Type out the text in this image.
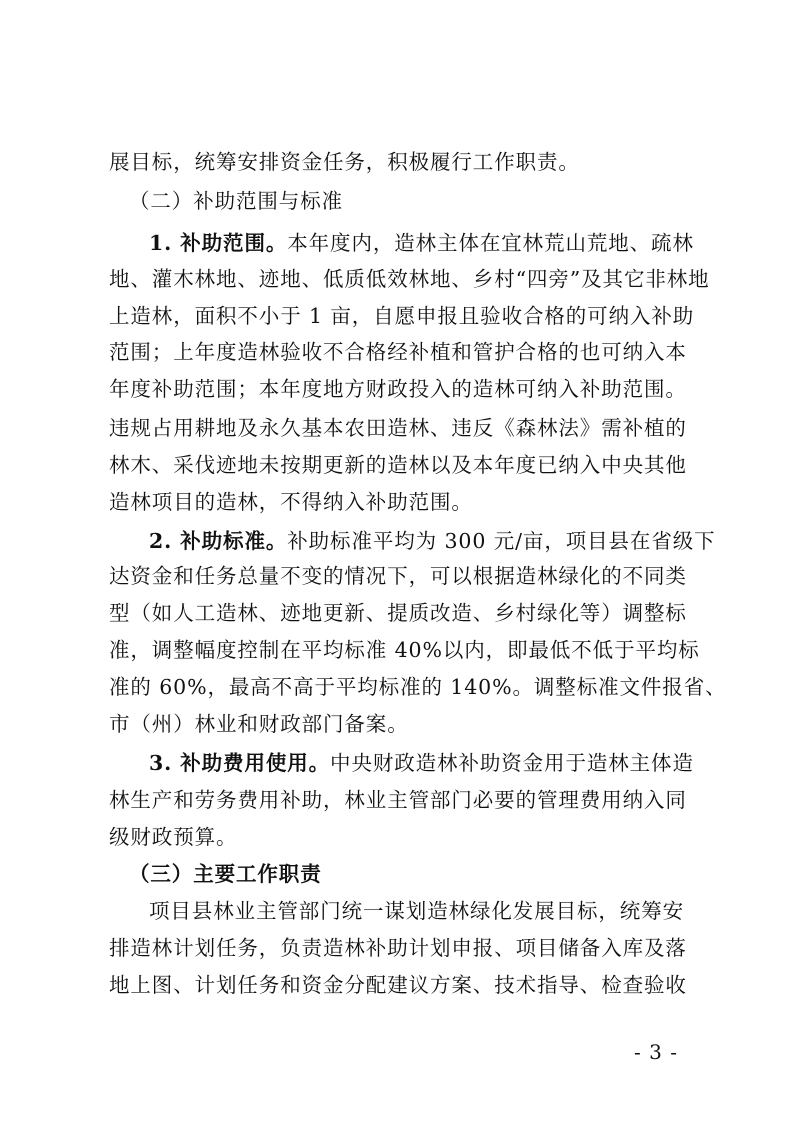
展目标，统筹安排资金任务，积极履行工作职责。
（二）补助范围与标准
1. 补助范围。本年度内，造林主体在宜林荒山荒地、疏林
地、灌木林地、迹地、低质低效林地、乡村“四旁”及其它非林地
上造林，面积不小于 1 亩，自愿申报且验收合格的可纳入补助
范围；上年度造林验收不合格经补植和管护合格的也可纳入本
年度补助范围；本年度地方财政投入的造林可纳入补助范围。
违规占用耕地及永久基本农田造林、违反《森林法》需补植的
林木、采伐迹地未按期更新的造林以及本年度已纳入中央其他
造林项目的造林，不得纳入补助范围。
2. 补助标准。补助标准平均为 300 元/亩，项目县在省级下
达资金和任务总量不变的情况下，可以根据造林绿化的不同类
型（如人工造林、迹地更新、提质改造、乡村绿化等）调整标
准，调整幅度控制在平均标准 40%以内，即最低不低于平均标
准的 60%，最高不高于平均标准的 140%。调整标准文件报省、
市（州）林业和财政部门备案。
3. 补助费用使用。中央财政造林补助资金用于造林主体造
林生产和劳务费用补助，林业主管部门必要的管理费用纳入同
级财政预算。
（三）主要工作职责
项目县林业主管部门统一谋划造林绿化发展目标，统筹安
排造林计划任务，负责造林补助计划申报、项目储备入库及落
地上图、计划任务和资金分配建议方案、技术指导、检查验收
- 3 -
